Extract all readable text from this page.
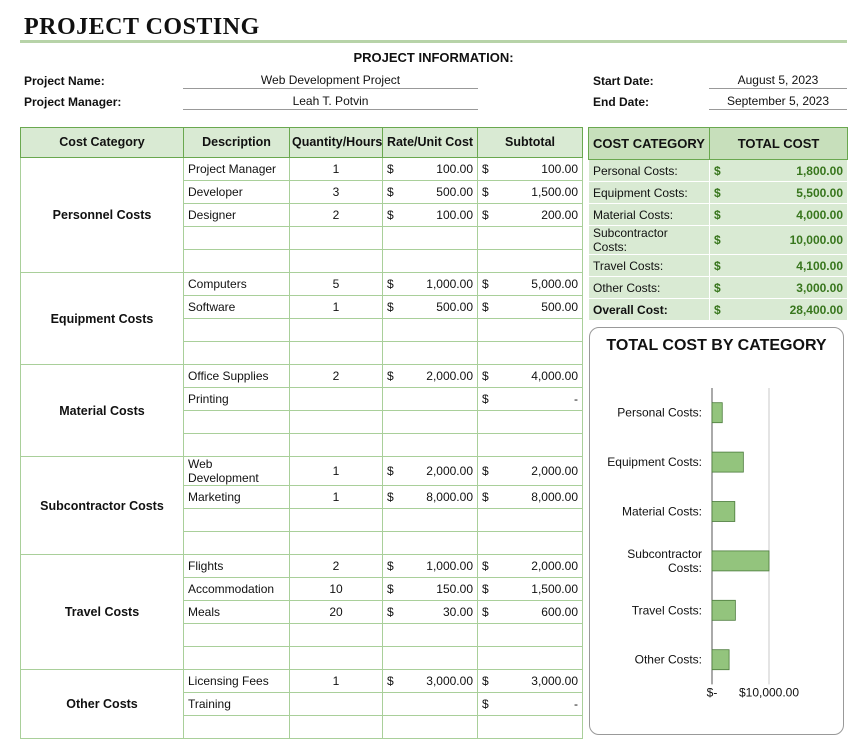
PROJECT COSTING
PROJECT INFORMATION:
Project Name:	Web Development Project
Project Manager:	Leah T. Potvin
Start Date:	August 5, 2023
End Date:	September 5, 2023
Cost Category	Description	Quantity/Hours	Rate/Unit Cost	Subtotal
Personnel Costs	Project Manager	1	$ 100.00	$ 100.00

	Developer	3	$ 500.00	$ 1,500.00

	Designer	2	$ 100.00	$ 200.00

Equipment Costs	Computers	5	$ 1,000.00	$ 5,000.00

	Software	1	$ 500.00	$ 500.00

Material Costs	Office Supplies	2	$ 2,000.00	$ 4,000.00

	Printing			$ -

Subcontractor Costs	Web Development	1	$ 2,000.00	$ 2,000.00

	Marketing	1	$ 8,000.00	$ 8,000.00

Travel Costs	Flights	2	$ 1,000.00	$ 2,000.00

	Accommodation	10	$ 150.00	$ 1,500.00

	Meals	20	$ 30.00	$ 600.00

Other Costs	Licensing Fees	1	$ 3,000.00	$ 3,000.00

	Training			$ -

COST CATEGORY	TOTAL COST
Personal Costs:	$ 1,800.00

Equipment Costs:	$ 5,500.00

Material Costs:	$ 4,000.00

Subcontractor Costs:	$ 10,000.00

Travel Costs:	$ 4,100.00

Other Costs:	$ 3,000.00

Overall Cost:	$ 28,400.00
TOTAL COST BY CATEGORY
Personal Costs:
Equipment Costs:
Material Costs:
Subcontractor Costs:
Travel Costs:
Other Costs:
$- $10,000.00
